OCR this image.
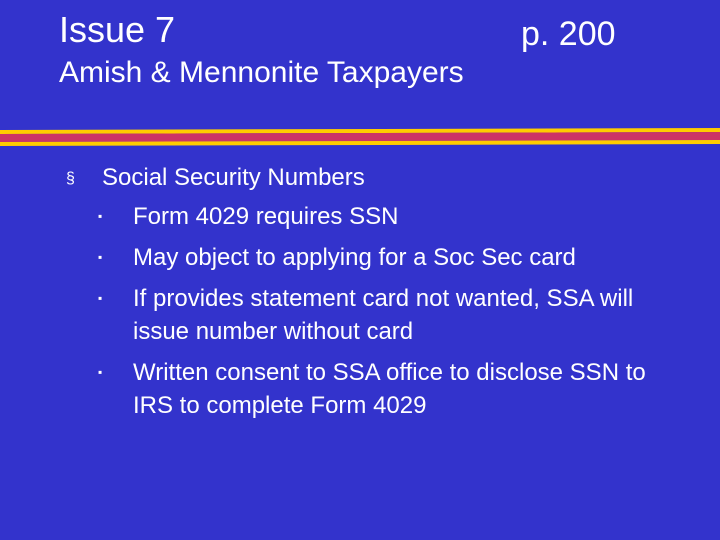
Issue 7	p. 200
Amish & Mennonite Taxpayers
§ Social Security Numbers
▪ Form 4029 requires SSN
▪ May object to applying for a Soc Sec card
▪ If provides statement card not wanted, SSA will issue number without card
▪ Written consent to SSA office to disclose SSN to IRS to complete Form 4029
